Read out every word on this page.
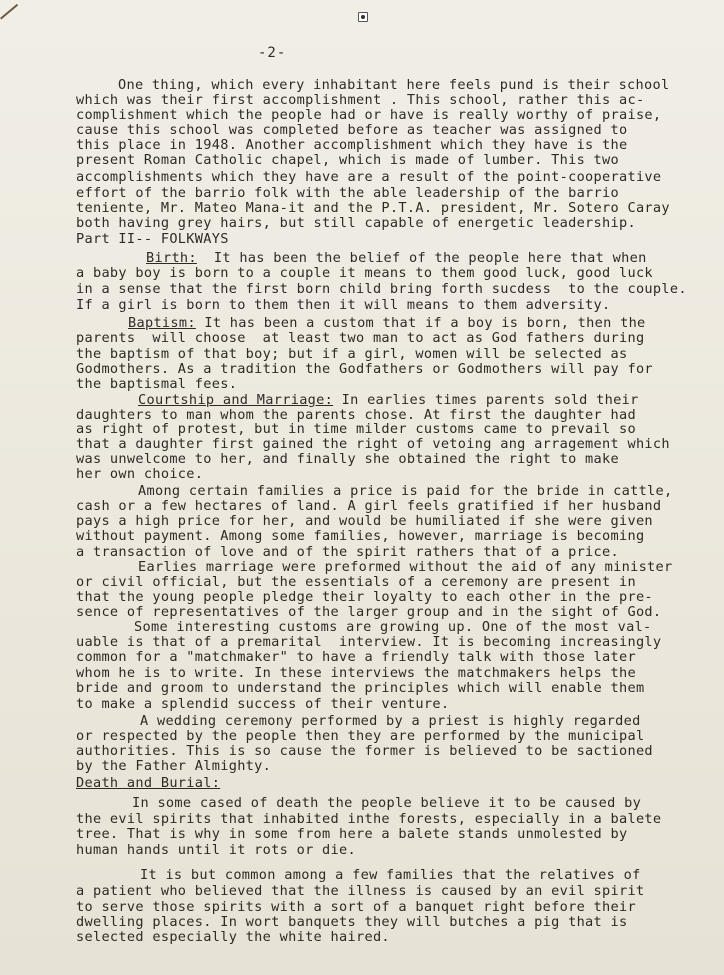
-2-
One thing, which every inhabitant here feels pund is their school
which was their first accomplishment . This school, rather this ac-
complishment which the people had or have is really worthy of praise,
cause this school was completed before as teacher was assigned to
this place in 1948. Another accomplishment which they have is the
present Roman Catholic chapel, which is made of lumber. This two
accomplishments which they have are a result of the point-cooperative
effort of the barrio folk with the able leadership of the barrio
teniente, Mr. Mateo Mana-it and the P.T.A. president, Mr. Sotero Caray
both having grey hairs, but still capable of energetic leadership.
Part II-- FOLKWAYS
Birth: It has been the belief of the people here that when
a baby boy is born to a couple it means to them good luck, good luck
in a sense that the first born child bring forth sucdess  to the couple.
If a girl is born to them then it will means to them adversity.
Baptism: It has been a custom that if a boy is born, then the
parents  will choose  at least two man to act as God fathers during
the baptism of that boy; but if a girl, women will be selected as
Godmothers. As a tradition the Godfathers or Godmothers will pay for
the baptismal fees.
Courtship and Marriage: In earlies times parents sold their
daughters to man whom the parents chose. At first the daughter had
as right of protest, but in time milder customs came to prevail so
that a daughter first gained the right of vetoing ang arragement which
was unwelcome to her, and finally she obtained the right to make
her own choice.
Among certain families a price is paid for the bride in cattle,
cash or a few hectares of land. A girl feels gratified if her husband
pays a high price for her, and would be humiliated if she were given
without payment. Among some families, however, marriage is becoming
a transaction of love and of the spirit rathers that of a price.
Earlies marriage were preformed without the aid of any minister
or civil official, but the essentials of a ceremony are present in
that the young people pledge their loyalty to each other in the pre-
sence of representatives of the larger group and in the sight of God.
Some interesting customs are growing up. One of the most val-
uable is that of a premarital  interview. It is becoming increasingly
common for a "matchmaker" to have a friendly talk with those later
whom he is to write. In these interviews the matchmakers helps the
bride and groom to understand the principles which will enable them
to make a splendid success of their venture.
A wedding ceremony performed by a priest is highly regarded
or respected by the people then they are performed by the municipal
authorities. This is so cause the former is believed to be sactioned
by the Father Almighty.
Death and Burial:
In some cased of death the people believe it to be caused by
the evil spirits that inhabited inthe forests, especially in a balete
tree. That is why in some from here a balete stands unmolested by
human hands until it rots or die.
It is but common among a few families that the relatives of
a patient who believed that the illness is caused by an evil spirit
to serve those spirits with a sort of a banquet right before their
dwelling places. In wort banquets they will butches a pig that is
selected especially the white haired.
